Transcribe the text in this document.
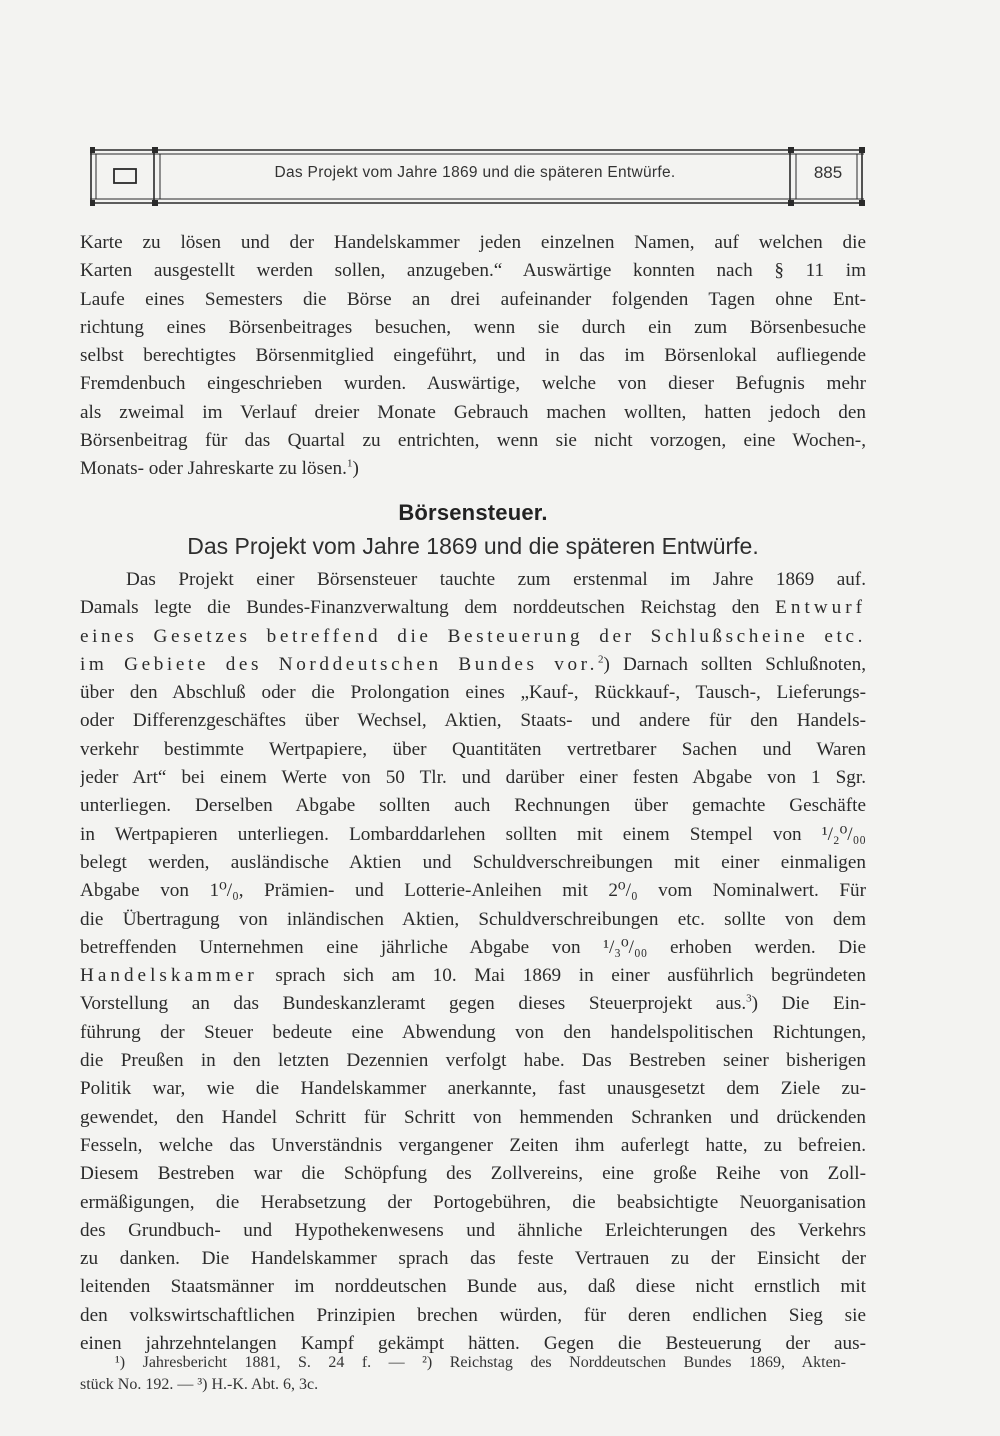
Das Projekt vom Jahre 1869 und die späteren Entwürfe.	885
Karte zu lösen und der Handelskammer jeden einzelnen Namen, auf welchen die
Karten ausgestellt werden sollen, anzugeben.“ Auswärtige konnten nach § 11 im
Laufe eines Semesters die Börse an drei aufeinander folgenden Tagen ohne Ent-
richtung eines Börsenbeitrages besuchen, wenn sie durch ein zum Börsenbesuche
selbst berechtigtes Börsenmitglied eingeführt, und in das im Börsenlokal aufliegende
Fremdenbuch eingeschrieben wurden. Auswärtige, welche von dieser Befugnis mehr
als zweimal im Verlauf dreier Monate Gebrauch machen wollten, hatten jedoch den
Börsenbeitrag für das Quartal zu entrichten, wenn sie nicht vorzogen, eine Wochen-,
Monats- oder Jahreskarte zu lösen.$^1$)
Börsensteuer.
Das Projekt vom Jahre 1869 und die späteren Entwürfe.
Das Projekt einer Börsensteuer tauchte zum erstenmal im Jahre 1869 auf.
Damals legte die Bundes-Finanzverwaltung dem norddeutschen Reichstag den Entwurf
eines Gesetzes betreffend die Besteuerung der Schlußscheine etc.
im Gebiete des Norddeutschen Bundes vor.$^2$) Darnach sollten Schlußnoten,
über den Abschluß oder die Prolongation eines „Kauf-, Rückkauf-, Tausch-, Lieferungs-
oder Differenzgeschäftes über Wechsel, Aktien, Staats- und andere für den Handels-
verkehr bestimmte Wertpapiere, über Quantitäten vertretbarer Sachen und Waren
jeder Art“ bei einem Werte von 50 Tlr. und darüber einer festen Abgabe von 1 Sgr.
unterliegen. Derselben Abgabe sollten auch Rechnungen über gemachte Geschäfte
in Wertpapieren unterliegen. Lombarddarlehen sollten mit einem Stempel von ¹/₂⁰/₀₀
belegt werden, ausländische Aktien und Schuldverschreibungen mit einer einmaligen
Abgabe von 1⁰/₀, Prämien- und Lotterie-Anleihen mit 2⁰/₀ vom Nominalwert. Für
die Übertragung von inländischen Aktien, Schuldverschreibungen etc. sollte von dem
betreffenden Unternehmen eine jährliche Abgabe von ¹/₃⁰/₀₀ erhoben werden. Die
Handelskammer sprach sich am 10. Mai 1869 in einer ausführlich begründeten
Vorstellung an das Bundeskanzleramt gegen dieses Steuerprojekt aus.$^3$) Die Ein-
führung der Steuer bedeute eine Abwendung von den handelspolitischen Richtungen,
die Preußen in den letzten Dezennien verfolgt habe. Das Bestreben seiner bisherigen
Politik war, wie die Handelskammer anerkannte, fast unausgesetzt dem Ziele zu-
gewendet, den Handel Schritt für Schritt von hemmenden Schranken und drückenden
Fesseln, welche das Unverständnis vergangener Zeiten ihm auferlegt hatte, zu befreien.
Diesem Bestreben war die Schöpfung des Zollvereins, eine große Reihe von Zoll-
ermäßigungen, die Herabsetzung der Portogebühren, die beabsichtigte Neuorganisation
des Grundbuch- und Hypothekenwesens und ähnliche Erleichterungen des Verkehrs
zu danken. Die Handelskammer sprach das feste Vertrauen zu der Einsicht der
leitenden Staatsmänner im norddeutschen Bunde aus, daß diese nicht ernstlich mit
den volkswirtschaftlichen Prinzipien brechen würden, für deren endlichen Sieg sie
einen jahrzehntelangen Kampf gekämpt hätten. Gegen die Besteuerung der aus-
¹) Jahresbericht 1881, S. 24 f. — ²) Reichstag des Norddeutschen Bundes 1869, Akten-
stück No. 192. — ³) H.-K. Abt. 6, 3c.
